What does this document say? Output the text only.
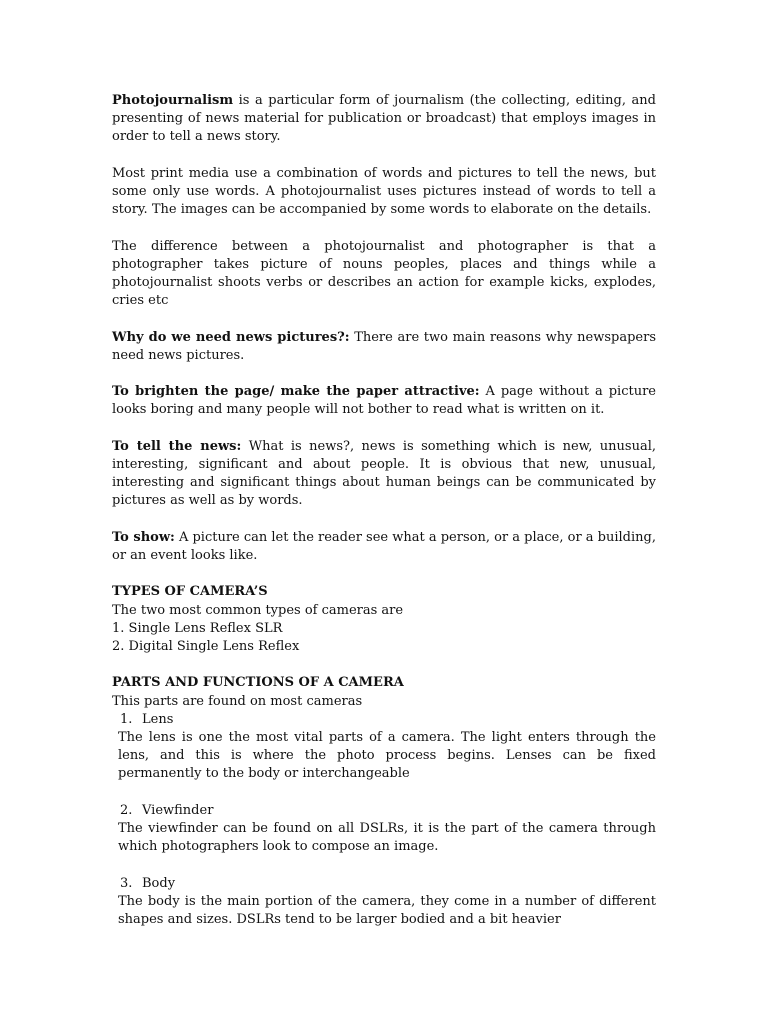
Photojournalism is a particular form of journalism (the collecting, editing, and presenting of news material for publication or broadcast) that employs images in order to tell a news story.

Most print media use a combination of words and pictures to tell the news, but some only use words. A photojournalist uses pictures instead of words to tell a story. The images can be accompanied by some words to elaborate on the details.

The difference between a photojournalist and photographer is that a photographer takes picture of nouns peoples, places and things while a photojournalist shoots verbs or describes an action for example kicks, explodes, cries etc

Why do we need news pictures?: There are two main reasons why newspapers need news pictures.

To brighten the page/ make the paper attractive: A page without a picture looks boring and many people will not bother to read what is written on it.

To tell the news: What is news?, news is something which is new, unusual, interesting, significant and about people. It is obvious that new, unusual, interesting and significant things about human beings can be communicated by pictures as well as by words.

To show: A picture can let the reader see what a person, or a place, or a building, or an event looks like.

TYPES OF CAMERA’S
The two most common types of cameras are
1. Single Lens Reflex SLR
2. Digital Single Lens Reflex
PARTS AND FUNCTIONS OF A CAMERA
This parts are found on most cameras
1. Lens
The lens is one the most vital parts of a camera. The light enters through the lens, and this is where the photo process begins. Lenses can be fixed permanently to the body or interchangeable
2. Viewfinder
The viewfinder can be found on all DSLRs, it is the part of the camera through which photographers look to compose an image.
3. Body
The body is the main portion of the camera, they come in a number of different shapes and sizes. DSLRs tend to be larger bodied and a bit heavier
